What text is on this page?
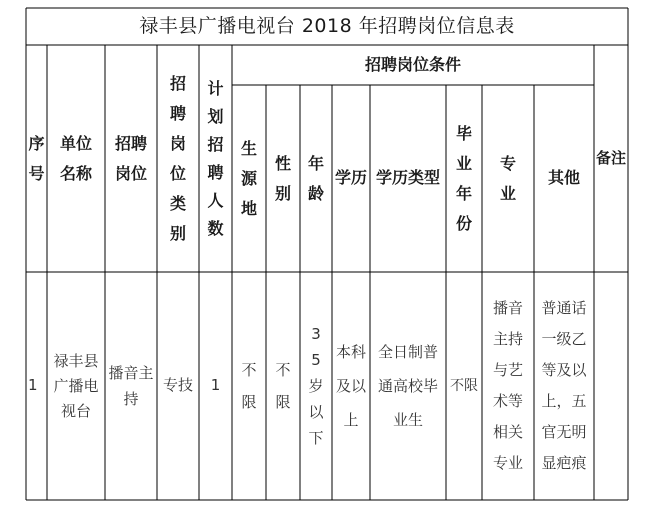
禄丰县广播电视台 2018 年招聘岗位信息表
招聘岗位条件
序号
单位名称
招聘岗位
招聘岗位类别
计划招聘人数
生源地
性别
年龄
学历 学历类型
毕业年份
专业
其他
备注
1
禄丰县广播电视台
播音主持
专技	1
不限
不限
35岁以下
本科及以上
全日制普通高校毕业生
不限
播音主持与艺术等相关专业
普通话一级乙等及以上，五官无明显疤痕
